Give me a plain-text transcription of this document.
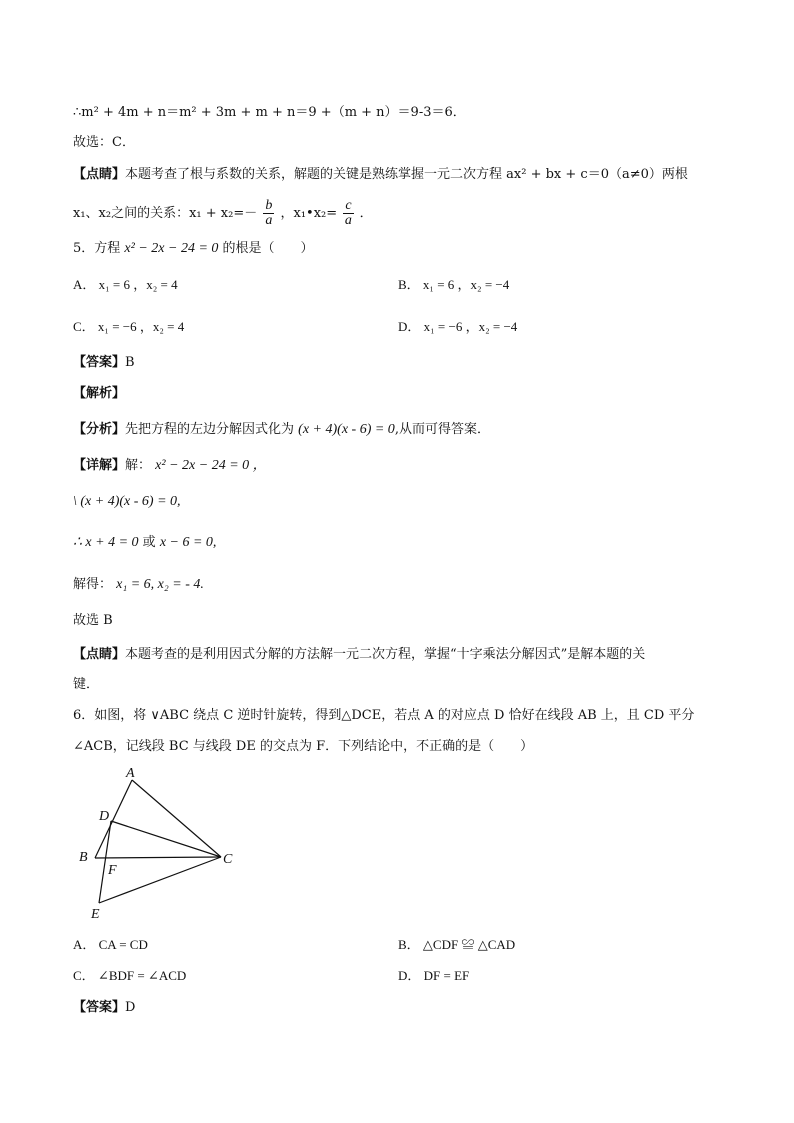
∴m² + 4m + n＝m² + 3m + m + n＝9 +（m + n）＝9-3＝6．
故选：C．
【点睛】本题考查了根与系数的关系，解题的关键是熟练掌握一元二次方程 ax² + bx + c＝0（a≠0）两根
x₁、x₂之间的关系：$x_1 + x_2=- \frac{b}{a}$ ，x₁•x₂= $\frac{c}{a}$ ．
5．方程 x² − 2x − 24 = 0 的根是（　　）
A． x₁ = 6 ，x₂ = 4	B． x₁ = 6 ，x₂ = −4
C． x₁ = −6 ，x₂ = 4	D． x₁ = −6 ，x₂ = −4
【答案】B
【解析】
【分析】先把方程的左边分解因式化为 (x + 4)(x - 6) = 0,从而可得答案．
【详解】解： x² − 2x − 24 = 0 ，
\ (x + 4)(x - 6) = 0,
∴ x + 4 = 0 或 x − 6 = 0,
解得： x₁ = 6, x₂ = - 4.
故选 B
【点睛】本题考查的是利用因式分解的方法解一元二次方程，掌握“十字乘法分解因式”是解本题的关
键．
6．如图，将 ∨ABC 绕点 C 逆时针旋转，得到△DCE，若点 A 的对应点 D 恰好在线段 AB 上，且 CD 平分
∠ACB，记线段 BC 与线段 DE 的交点为 F．下列结论中，不正确的是（　　）
A
D
B
F
C
E
A． CA = CD	B． △CDF ≌ △CAD
C． ∠BDF = ∠ACD	D． DF = EF
【答案】D
